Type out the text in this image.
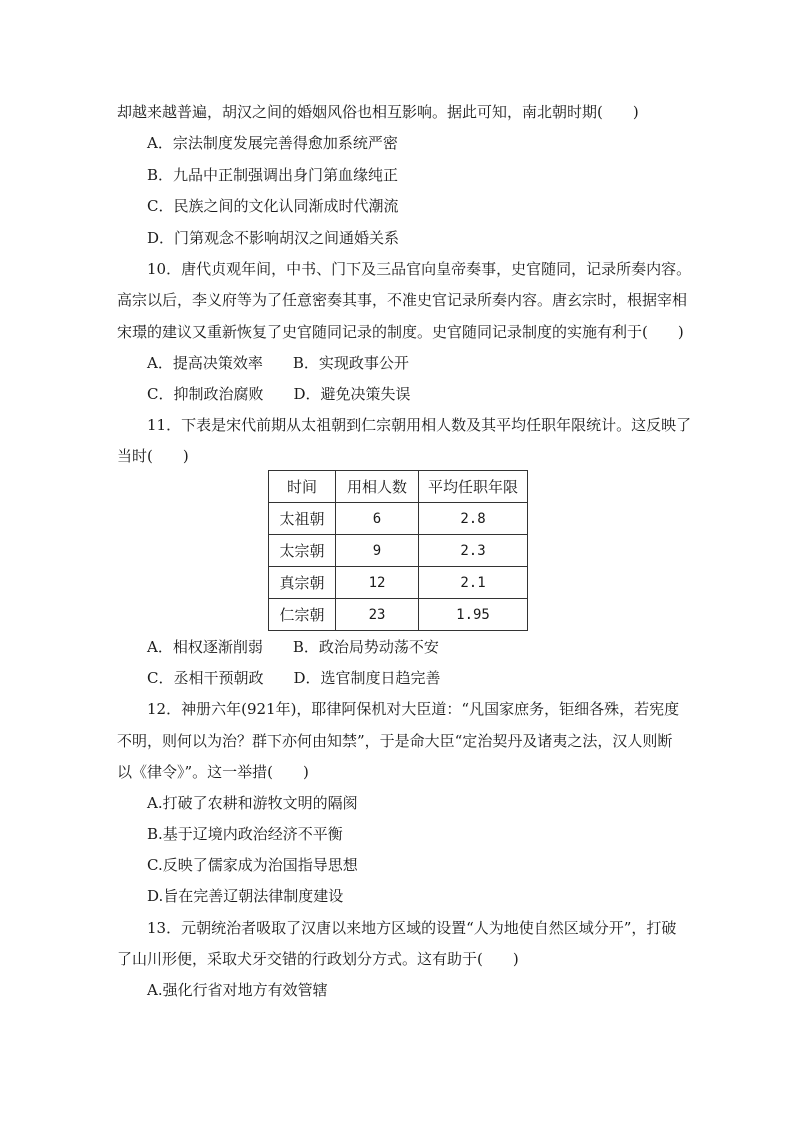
却越来越普遍，胡汉之间的婚姻风俗也相互影响。据此可知，南北朝时期(　　)
A．宗法制度发展完善得愈加系统严密
B．九品中正制强调出身门第血缘纯正
C．民族之间的文化认同渐成时代潮流
D．门第观念不影响胡汉之间通婚关系
10．唐代贞观年间，中书、门下及三品官向皇帝奏事，史官随同，记录所奏内容。
高宗以后，李义府等为了任意密奏其事，不准史官记录所奏内容。唐玄宗时，根据宰相
宋璟的建议又重新恢复了史官随同记录的制度。史官随同记录制度的实施有利于(　　)
A．提高决策效率　　B．实现政事公开
C．抑制政治腐败　　D．避免决策失误
11．下表是宋代前期从太祖朝到仁宗朝用相人数及其平均任职年限统计。这反映了
当时(　　)
时间	用相人数	平均任职年限
太祖朝	6	2.8
太宗朝	9	2.3
真宗朝	12	2.1
仁宗朝	23	1.95
A．相权逐渐削弱　　B．政治局势动荡不安
C．丞相干预朝政　　D．选官制度日趋完善
12．神册六年(921年)，耶律阿保机对大臣道：“凡国家庶务，钜细各殊，若宪度
不明，则何以为治？群下亦何由知禁”，于是命大臣“定治契丹及诸夷之法，汉人则断
以《律令》”。这一举措(　　)
A.打破了农耕和游牧文明的隔阂
B.基于辽境内政治经济不平衡
C.反映了儒家成为治国指导思想
D.旨在完善辽朝法律制度建设
13．元朝统治者吸取了汉唐以来地方区域的设置“人为地使自然区域分开”，打破
了山川形便，采取犬牙交错的行政划分方式。这有助于(　　)
A.强化行省对地方有效管辖
